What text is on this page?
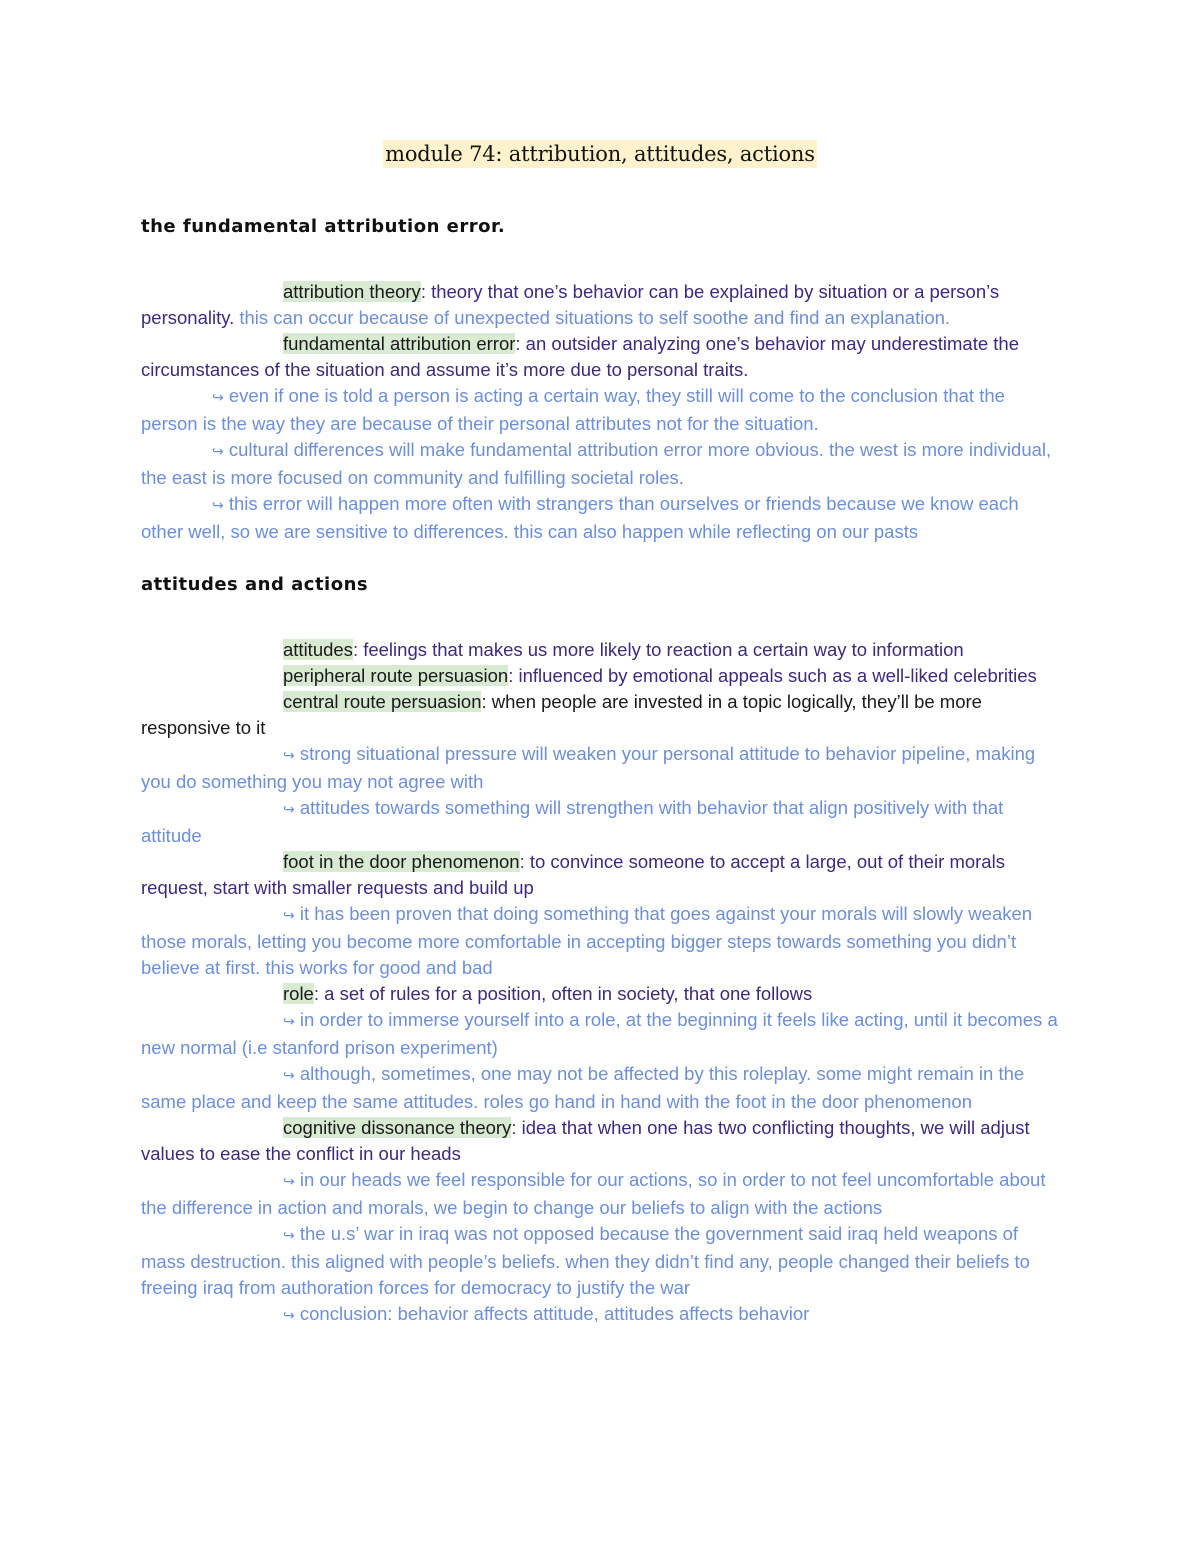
module 74: attribution, attitudes, actions
the fundamental attribution error.

attribution theory: theory that one’s behavior can be explained by situation or a person’s personality. this can occur because of unexpected situations to self soothe and find an explanation.

fundamental attribution error: an outsider analyzing one’s behavior may underestimate the circumstances of the situation and assume it’s more due to personal traits.

↪ even if one is told a person is acting a certain way, they still will come to the conclusion that the person is the way they are because of their personal attributes not for the situation.

↪ cultural differences will make fundamental attribution error more obvious. the west is more individual, the east is more focused on community and fulfilling societal roles.

↪ this error will happen more often with strangers than ourselves or friends because we know each other well, so we are sensitive to differences. this can also happen while reflecting on our pasts

attitudes and actions

attitudes: feelings that makes us more likely to reaction a certain way to information

peripheral route persuasion: influenced by emotional appeals such as a well-liked celebrities

central route persuasion: when people are invested in a topic logically, they’ll be more responsive to it

↪ strong situational pressure will weaken your personal attitude to behavior pipeline, making you do something you may not agree with

↪ attitudes towards something will strengthen with behavior that align positively with that attitude

foot in the door phenomenon: to convince someone to accept a large, out of their morals request, start with smaller requests and build up

↪ it has been proven that doing something that goes against your morals will slowly weaken those morals, letting you become more comfortable in accepting bigger steps towards something you didn’t believe at first. this works for good and bad

role: a set of rules for a position, often in society, that one follows

↪ in order to immerse yourself into a role, at the beginning it feels like acting, until it becomes a new normal (i.e stanford prison experiment)

↪ although, sometimes, one may not be affected by this roleplay. some might remain in the same place and keep the same attitudes. roles go hand in hand with the foot in the door phenomenon

cognitive dissonance theory: idea that when one has two conflicting thoughts, we will adjust values to ease the conflict in our heads

↪ in our heads we feel responsible for our actions, so in order to not feel uncomfortable about the difference in action and morals, we begin to change our beliefs to align with the actions

↪ the u.s’ war in iraq was not opposed because the government said iraq held weapons of mass destruction. this aligned with people’s beliefs. when they didn’t find any, people changed their beliefs to freeing iraq from authoration forces for democracy to justify the war

↪ conclusion: behavior affects attitude, attitudes affects behavior
